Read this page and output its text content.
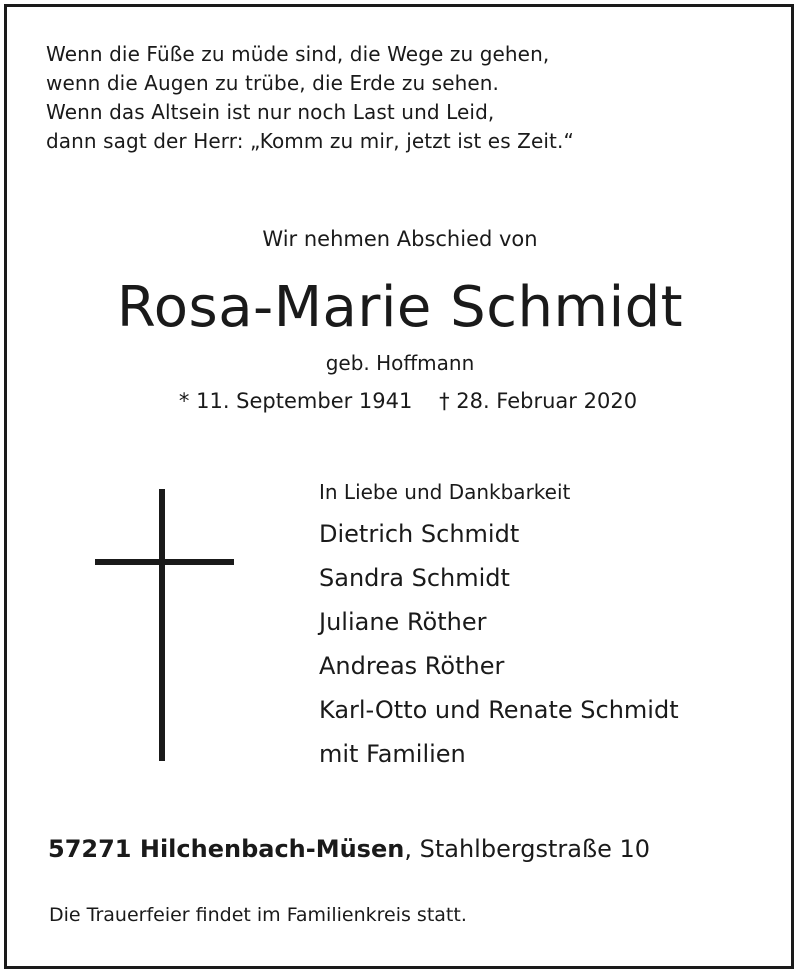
Wenn die Füße zu müde sind, die Wege zu gehen,
wenn die Augen zu trübe, die Erde zu sehen.
Wenn das Altsein ist nur noch Last und Leid,
dann sagt der Herr: „Komm zu mir, jetzt ist es Zeit.“
Wir nehmen Abschied von
Rosa-Marie Schmidt
geb. Hoffmann
* 11. September 1941    † 28. Februar 2020
In Liebe und Dankbarkeit
Dietrich Schmidt
Sandra Schmidt
Juliane Röther
Andreas Röther
Karl-Otto und Renate Schmidt
mit Familien
57271 Hilchenbach-Müsen, Stahlbergstraße 10
Die Trauerfeier findet im Familienkreis statt.
